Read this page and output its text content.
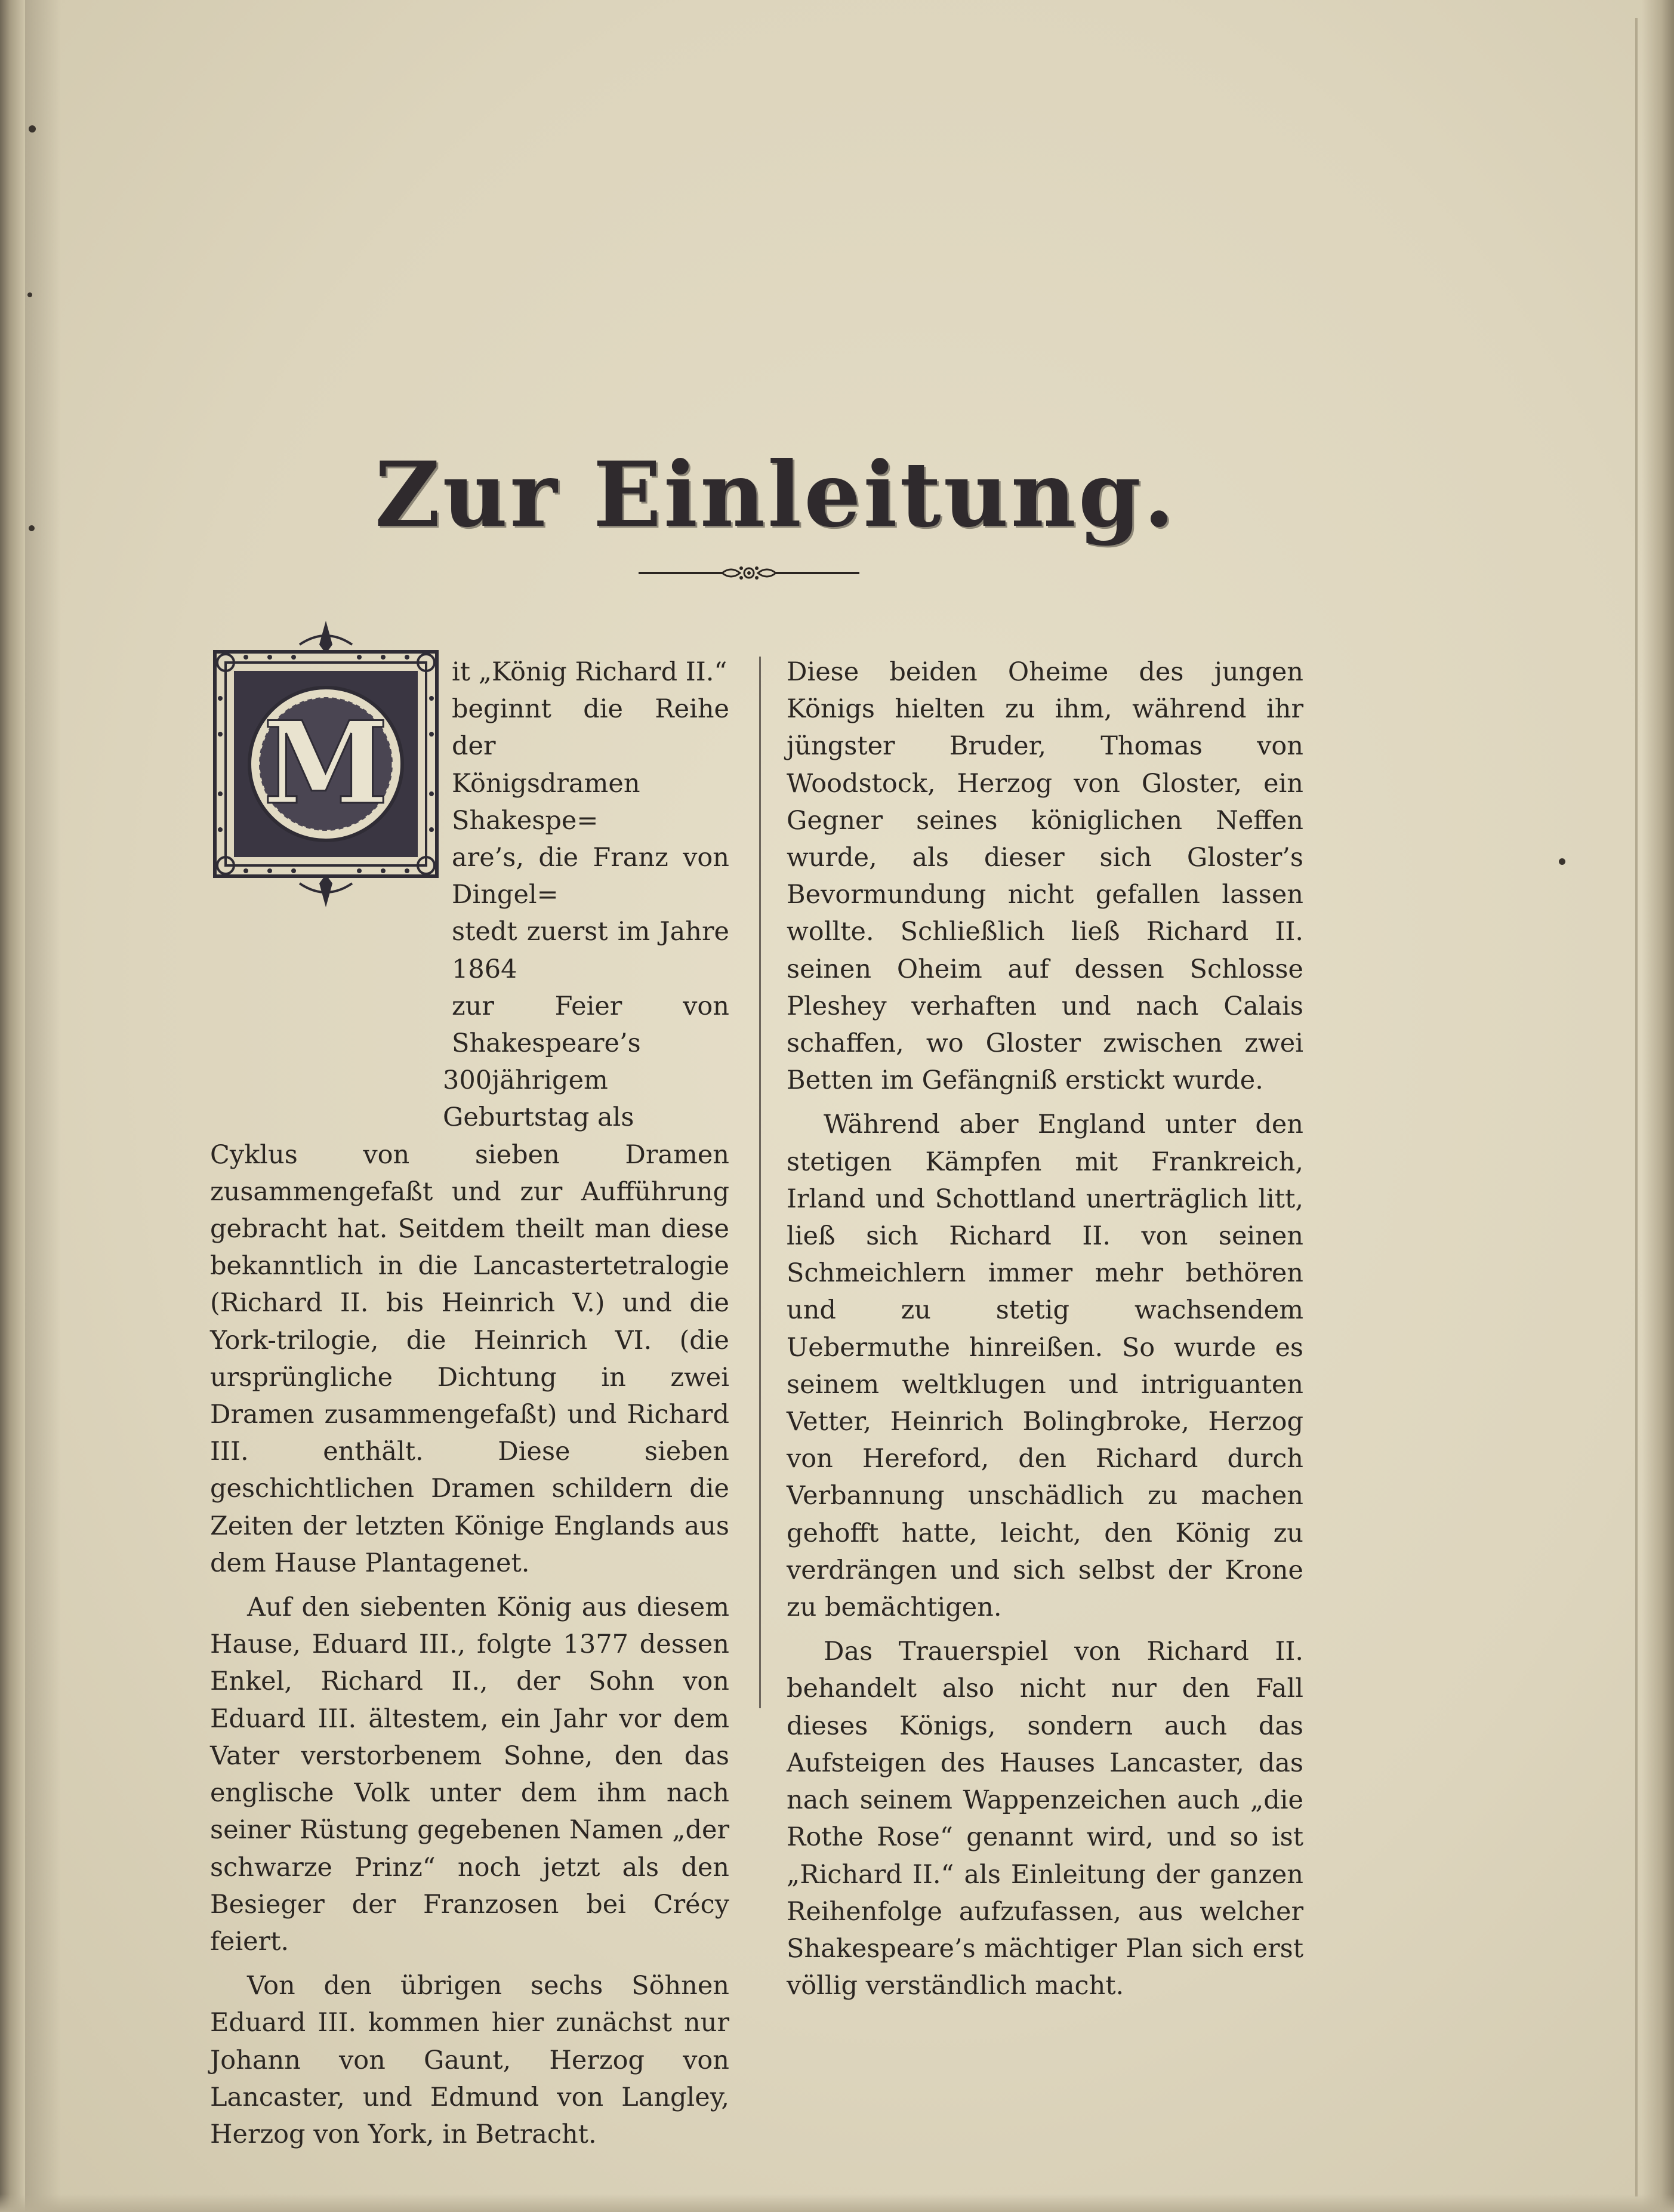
Zur Einleitung.
M

it „König Richard II.“
beginnt die Reihe der
Königsdramen Shakespe=
are’s, die Franz von Dingel=
stedt zuerst im Jahre 1864
zur Feier von Shakespeare’s
300jährigem Geburtstag als
Cyklus von sieben Dramen zusammengefaßt und zur Aufführung gebracht hat. Seitdem theilt man diese bekanntlich in die Lancastertetralogie (Richard II. bis Heinrich V.) und die York-trilogie, die Heinrich VI. (die ursprüngliche Dichtung in zwei Dramen zusammengefaßt) und Richard III. enthält. Diese sieben geschichtlichen Dramen schildern die Zeiten der letzten Könige Englands aus dem Hause Plantagenet.

Auf den siebenten König aus diesem Hause, Eduard III., folgte 1377 dessen Enkel, Richard II., der Sohn von Eduard III. ältestem, ein Jahr vor dem Vater verstorbenem Sohne, den das englische Volk unter dem ihm nach seiner Rüstung gegebenen Namen „der schwarze Prinz“ noch jetzt als den Besieger der Franzosen bei Crécy feiert.

Von den übrigen sechs Söhnen Eduard III. kommen hier zunächst nur Johann von Gaunt, Herzog von Lancaster, und Edmund von Langley, Herzog von York, in Betracht.

Diese beiden Oheime des jungen Königs hielten zu ihm, während ihr jüngster Bruder, Thomas von Woodstock, Herzog von Gloster, ein Gegner seines königlichen Neffen wurde, als dieser sich Gloster’s Bevormundung nicht gefallen lassen wollte. Schließlich ließ Richard II. seinen Oheim auf dessen Schlosse Pleshey verhaften und nach Calais schaffen, wo Gloster zwischen zwei Betten im Gefängniß erstickt wurde.

Während aber England unter den stetigen Kämpfen mit Frankreich, Irland und Schottland unerträglich litt, ließ sich Richard II. von seinen Schmeichlern immer mehr bethören und zu stetig wachsendem Uebermuthe hinreißen. So wurde es seinem weltklugen und intriguanten Vetter, Heinrich Bolingbroke, Herzog von Hereford, den Richard durch Verbannung unschädlich zu machen gehofft hatte, leicht, den König zu verdrängen und sich selbst der Krone zu bemächtigen.

Das Trauerspiel von Richard II. behandelt also nicht nur den Fall dieses Königs, sondern auch das Aufsteigen des Hauses Lancaster, das nach seinem Wappenzeichen auch „die Rothe Rose“ genannt wird, und so ist „Richard II.“ als Einleitung der ganzen Reihenfolge aufzufassen, aus welcher Shakespeare’s mächtiger Plan sich erst völlig verständlich macht.
